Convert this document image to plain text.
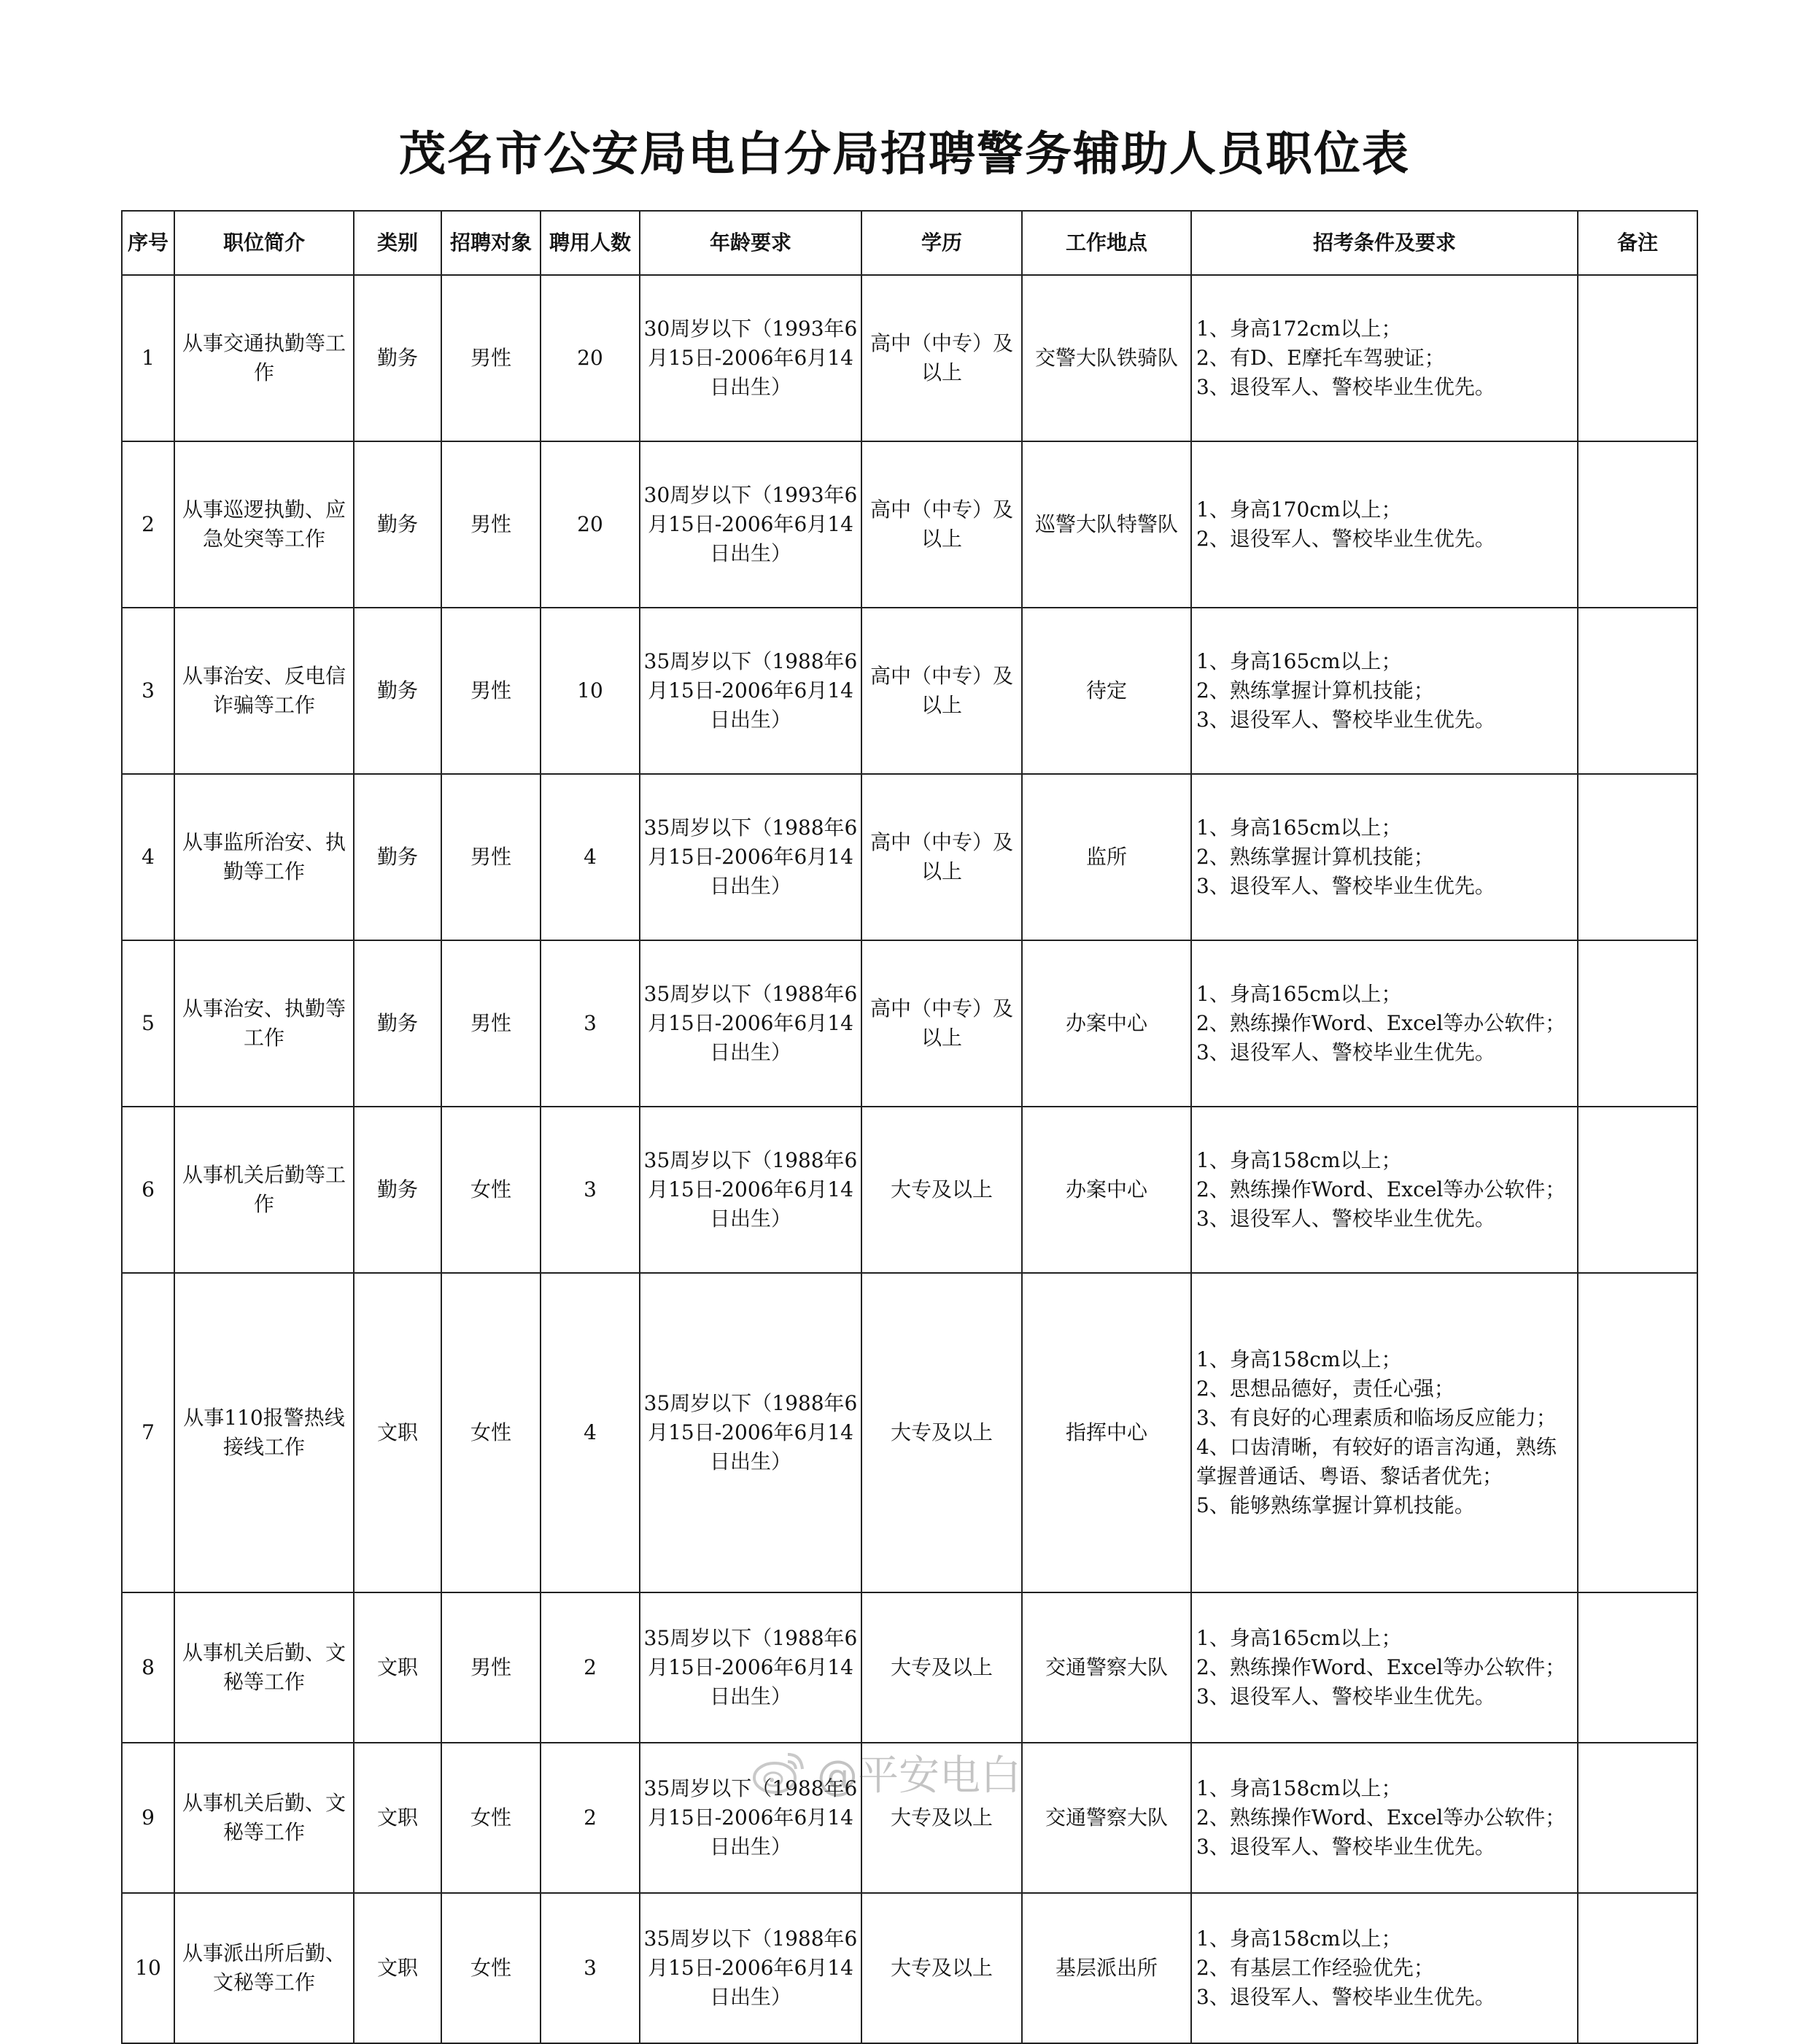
茂名市公安局电白分局招聘警务辅助人员职位表
序号	职位简介	类别	招聘对象	聘用人数	年龄要求	学历	工作地点	招考条件及要求	备注
1	从事交通执勤等工作	勤务	男性	20	30周岁以下（1993年6月15日-2006年6月14日出生）	高中（中专）及以上	交警大队铁骑队	1、身高172cm以上；
2、有D、E摩托车驾驶证；
3、退役军人、警校毕业生优先。	

2	从事巡逻执勤、应急处突等工作	勤务	男性	20	30周岁以下（1993年6月15日-2006年6月14日出生）	高中（中专）及以上	巡警大队特警队	1、身高170cm以上；
2、退役军人、警校毕业生优先。	

3	从事治安、反电信诈骗等工作	勤务	男性	10	35周岁以下（1988年6月15日-2006年6月14日出生）	高中（中专）及以上	待定	1、身高165cm以上；
2、熟练掌握计算机技能；
3、退役军人、警校毕业生优先。	

4	从事监所治安、执勤等工作	勤务	男性	4	35周岁以下（1988年6月15日-2006年6月14日出生）	高中（中专）及以上	监所	1、身高165cm以上；
2、熟练掌握计算机技能；
3、退役军人、警校毕业生优先。	

5	从事治安、执勤等工作	勤务	男性	3	35周岁以下（1988年6月15日-2006年6月14日出生）	高中（中专）及以上	办案中心	1、身高165cm以上；
2、熟练操作Word、Excel等办公软件；
3、退役军人、警校毕业生优先。	

6	从事机关后勤等工作	勤务	女性	3	35周岁以下（1988年6月15日-2006年6月14日出生）	大专及以上	办案中心	1、身高158cm以上；
2、熟练操作Word、Excel等办公软件；
3、退役军人、警校毕业生优先。	

7	从事110报警热线接线工作	文职	女性	4	35周岁以下（1988年6月15日-2006年6月14日出生）	大专及以上	指挥中心	1、身高158cm以上；
2、思想品德好，责任心强；
3、有良好的心理素质和临场反应能力；
4、口齿清晰，有较好的语言沟通，熟练掌握普通话、粤语、黎话者优先；
5、能够熟练掌握计算机技能。	

8	从事机关后勤、文秘等工作	文职	男性	2	35周岁以下（1988年6月15日-2006年6月14日出生）	大专及以上	交通警察大队	1、身高165cm以上；
2、熟练操作Word、Excel等办公软件；
3、退役军人、警校毕业生优先。	

9	从事机关后勤、文秘等工作	文职	女性	2	35周岁以下（1988年6月15日-2006年6月14日出生）	大专及以上	交通警察大队	1、身高158cm以上；
2、熟练操作Word、Excel等办公软件；
3、退役军人、警校毕业生优先。	

10	从事派出所后勤、文秘等工作	文职	女性	3	35周岁以下（1988年6月15日-2006年6月14日出生）	大专及以上	基层派出所	1、身高158cm以上；
2、有基层工作经验优先；
3、退役军人、警校毕业生优先。	

@平安电白
